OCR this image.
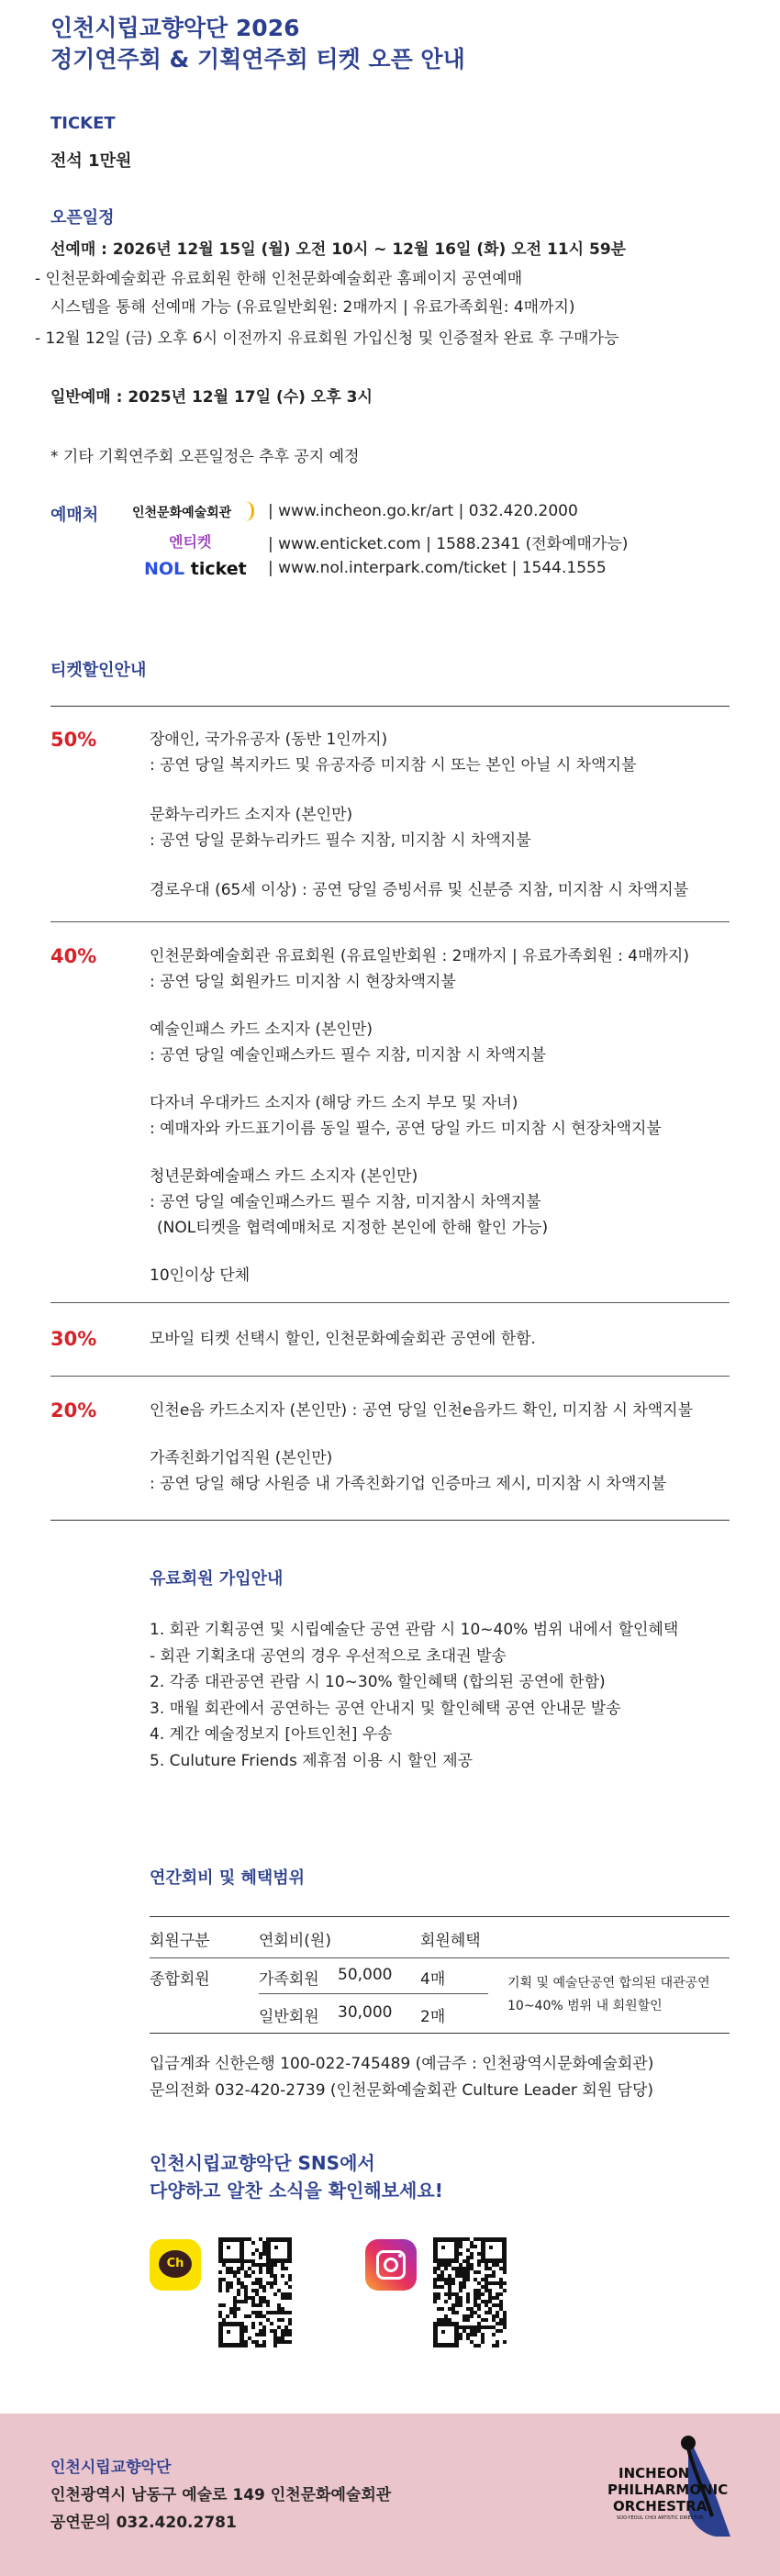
인천시립교향악단 2026
정기연주회 & 기획연주회 티켓 오픈 안내
TICKET
전석 1만원
오픈일정
선예매 : 2026년 12월 15일 (월) 오전 10시 ~ 12월 16일 (화) 오전 11시 59분
- 인천문화예술회관 유료회원 한해 인천문화예술회관 홈페이지 공연예매
시스템을 통해 선예매 가능 (유료일반회원: 2매까지 | 유료가족회원: 4매까지)
- 12월 12일 (금) 오후 6시 이전까지 유료회원 가입신청 및 인증절차 완료 후 구매가능
일반예매 : 2025년 12월 17일 (수) 오후 3시
* 기타 기획연주회 오픈일정은 추후 공지 예정
예매처	인천문화예술회관 | www.incheon.go.kr/art | 032.420.2000
엔티켓	| www.enticket.com | 1588.2341 (전화예매가능)
NOL ticket | www.nol.interpark.com/ticket | 1544.1555
티켓할인안내
50%	장애인, 국가유공자 (동반 1인까지)
: 공연 당일 복지카드 및 유공자증 미지참 시 또는 본인 아닐 시 차액지불
문화누리카드 소지자 (본인만)
: 공연 당일 문화누리카드 필수 지참, 미지참 시 차액지불
경로우대 (65세 이상) : 공연 당일 증빙서류 및 신분증 지참, 미지참 시 차액지불
40%	인천문화예술회관 유료회원 (유료일반회원 : 2매까지 | 유료가족회원 : 4매까지)
: 공연 당일 회원카드 미지참 시 현장차액지불
예술인패스 카드 소지자 (본인만)
: 공연 당일 예술인패스카드 필수 지참, 미지참 시 차액지불
다자녀 우대카드 소지자 (해당 카드 소지 부모 및 자녀)
: 예매자와 카드표기이름 동일 필수, 공연 당일 카드 미지참 시 현장차액지불
청년문화예술패스 카드 소지자 (본인만)
: 공연 당일 예술인패스카드 필수 지참, 미지참시 차액지불
(NOL티켓을 협력예매처로 지정한 본인에 한해 할인 가능)
10인이상 단체
30%	모바일 티켓 선택시 할인, 인천문화예술회관 공연에 한함.
20%	인천e음 카드소지자 (본인만) : 공연 당일 인천e음카드 확인, 미지참 시 차액지불
가족친화기업직원 (본인만)
: 공연 당일 해당 사원증 내 가족친화기업 인증마크 제시, 미지참 시 차액지불
유료회원 가입안내
1. 회관 기획공연 및 시립예술단 공연 관람 시 10~40% 범위 내에서 할인혜택
- 회관 기획초대 공연의 경우 우선적으로 초대권 발송
2. 각종 대관공연 관람 시 10~30% 할인혜택 (합의된 공연에 한함)
3. 매월 회관에서 공연하는 공연 안내지 및 할인혜택 공연 안내문 발송
4. 계간 예술정보지 [아트인천] 우송
5. Culuture Friends 제휴점 이용 시 할인 제공
연간회비 및 혜택범위
회원구분	연회비(원)	회원혜택
종합회원	가족회원 50,000 4매
일반회원 30,000 2매
기획 및 예술단공연 합의된 대관공연
10~40% 범위 내 회원할인
입금계좌 신한은행 100-022-745489 (예금주 : 인천광역시문화예술회관)
문의전화 032-420-2739 (인천문화예술회관 Culture Leader 회원 담당)
인천시립교향악단 SNS에서
다양하고 알찬 소식을 확인해보세요!
Ch
인천시립교향악단
인천광역시 남동구 예술로 149 인천문화예술회관
공연문의 032.420.2781
INCHEON
PHILHARMONIC
ORCHESTRA
SOO-YEOUL CHOI ARTISTIC DIRECTOR
